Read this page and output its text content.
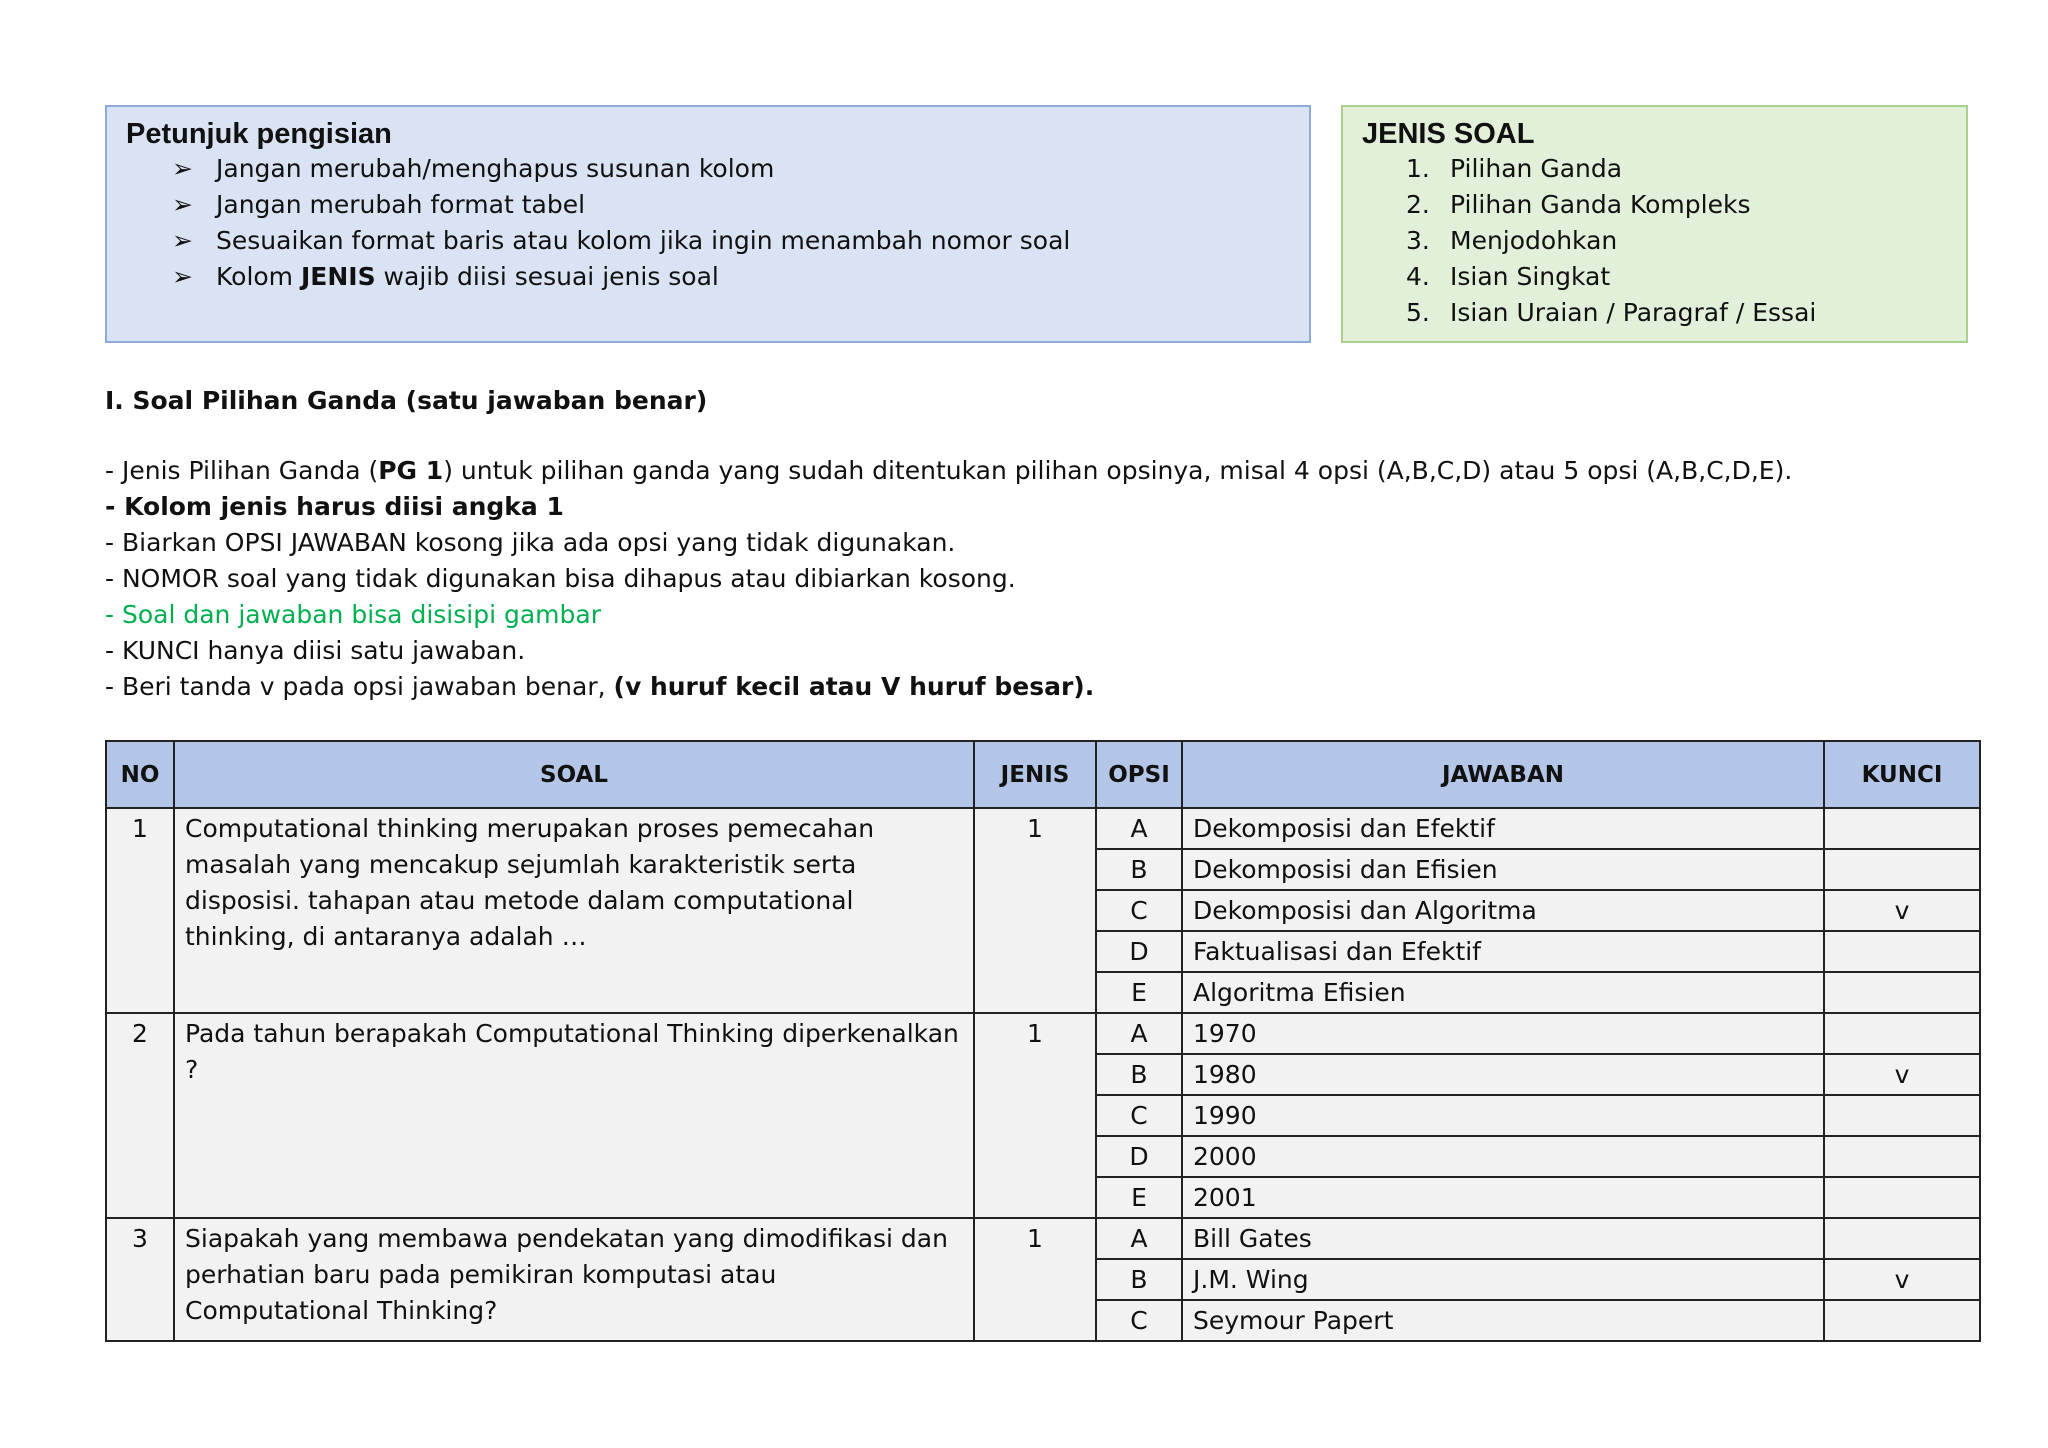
Petunjuk pengisian
➢ Jangan merubah/menghapus susunan kolom
➢ Jangan merubah format tabel
➢ Sesuaikan format baris atau kolom jika ingin menambah nomor soal
➢ Kolom JENIS wajib diisi sesuai jenis soal
JENIS SOAL
1. Pilihan Ganda
2. Pilihan Ganda Kompleks
3. Menjodohkan
4. Isian Singkat
5. Isian Uraian / Paragraf / Essai
I. Soal Pilihan Ganda (satu jawaban benar)
- Jenis Pilihan Ganda (PG 1) untuk pilihan ganda yang sudah ditentukan pilihan opsinya, misal 4 opsi (A,B,C,D) atau 5 opsi (A,B,C,D,E).
- Kolom jenis harus diisi angka 1
- Biarkan OPSI JAWABAN kosong jika ada opsi yang tidak digunakan.
- NOMOR soal yang tidak digunakan bisa dihapus atau dibiarkan kosong.
- Soal dan jawaban bisa disisipi gambar
- KUNCI hanya diisi satu jawaban.
- Beri tanda v pada opsi jawaban benar, (v huruf kecil atau V huruf besar).
NO	SOAL	JENIS	OPSI	JAWABAN	KUNCI
1	Computational thinking merupakan proses pemecahan masalah yang mencakup sejumlah karakteristik serta disposisi. tahapan atau metode dalam computational thinking, di antaranya adalah …	1	A	Dekomposisi dan Efektif	
			B	Dekomposisi dan Efisien	
			C	Dekomposisi dan Algoritma	v
			D	Faktualisasi dan Efektif	
			E	Algoritma Efisien	
2	Pada tahun berapakah Computational Thinking diperkenalkan ?	1	A	1970	
			B	1980	v
			C	1990	
			D	2000	
			E	2001	
3	Siapakah yang membawa pendekatan yang dimodifikasi dan perhatian baru pada pemikiran komputasi atau Computational Thinking?	1	A	Bill Gates	
			B	J.M. Wing	v
			C	Seymour Papert	
